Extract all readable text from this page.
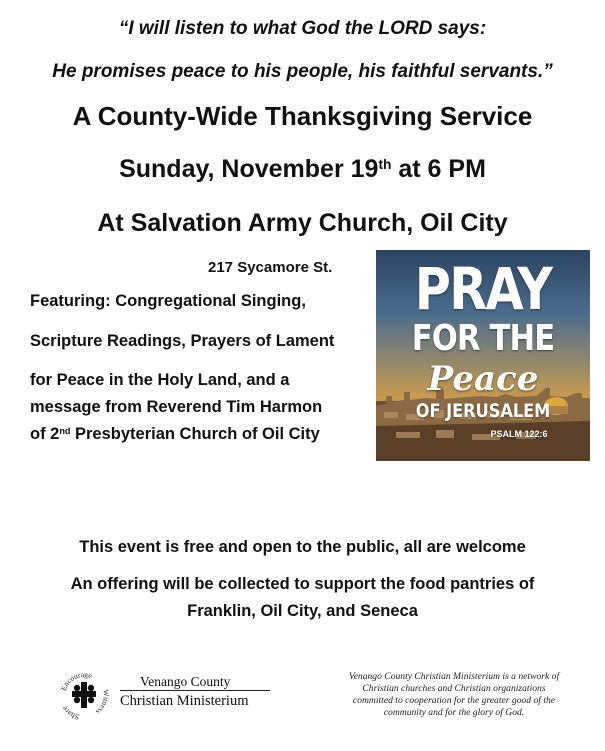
“I will listen to what God the LORD says:
He promises peace to his people, his faithful servants.”
A County-Wide Thanksgiving Service
Sunday, November 19th at 6 PM
At Salvation Army Church, Oil City
217 Sycamore St.
Featuring: Congregational Singing,
Scripture Readings, Prayers of Lament
for Peace in the Holy Land, and a
message from Reverend Tim Harmon
of 2nd Presbyterian Church of Oil City
PRAY
FOR THE
Peace
OF JERUSALEM
PSALM 122:6
This event is free and open to the public, all are welcome
An offering will be collected to support the food pantries of
Franklin, Oil City, and Seneca
Encourage
Witness
Share
Venango County
Christian Ministerium
Venango County Christian Ministerium is a network of
Christian churches and Christian organizations
committed to cooperation for the greater good of the
community and for the glory of God.
